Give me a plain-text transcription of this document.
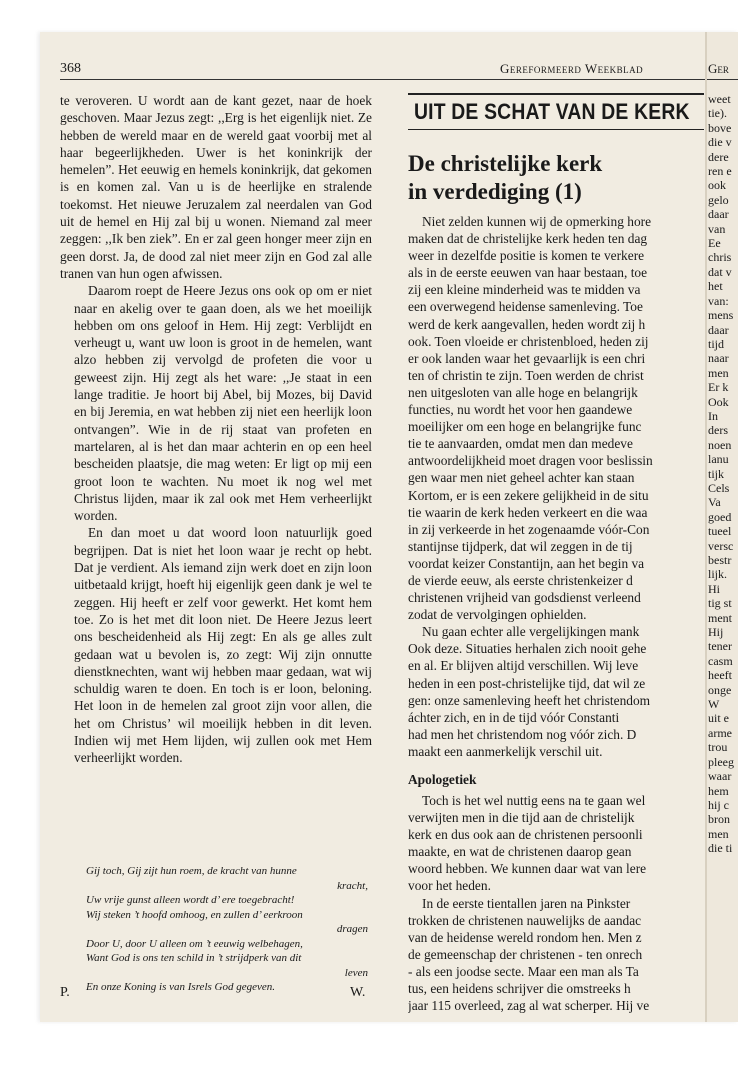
368	Gereformeerd Weekblad	Ger

te veroveren. U wordt aan de kant gezet, naar de hoek geschoven. Maar Jezus zegt: ,,Erg is het eigenlijk niet. Ze hebben de wereld maar en de wereld gaat voorbij met al haar begeerlijkheden. Uwer is het koninkrijk der hemelen”. Het eeuwig en hemels koninkrijk, dat gekomen is en komen zal. Van u is de heerlijke en stralende toekomst. Het nieuwe Jeruzalem zal neerdalen van God uit de hemel en Hij zal bij u wonen. Niemand zal meer zeggen: ,,Ik ben ziek”. En er zal geen honger meer zijn en geen dorst. Ja, de dood zal niet meer zijn en God zal alle tranen van hun ogen afwissen.

Daarom roept de Heere Jezus ons ook op om er niet naar en akelig over te gaan doen, als we het moeilijk hebben om ons geloof in Hem. Hij zegt: Verblijdt en verheugt u, want uw loon is groot in de hemelen, want alzo hebben zij vervolgd de profeten die voor u geweest zijn. Hij zegt als het ware: ,,Je staat in een lange traditie. Je hoort bij Abel, bij Mozes, bij David en bij Jeremia, en wat hebben zij niet een heerlijk loon ontvangen”. Wie in de rij staat van profeten en martelaren, al is het dan maar achterin en op een heel bescheiden plaatsje, die mag weten: Er ligt op mij een groot loon te wachten. Nu moet ik nog wel met Christus lijden, maar ik zal ook met Hem verheerlijkt worden.

En dan moet u dat woord loon natuurlijk goed begrijpen. Dat is niet het loon waar je recht op hebt. Dat je verdient. Als iemand zijn werk doet en zijn loon uitbetaald krijgt, hoeft hij eigenlijk geen dank je wel te zeggen. Hij heeft er zelf voor gewerkt. Het komt hem toe. Zo is het met dit loon niet. De Heere Jezus leert ons bescheidenheid als Hij zegt: En als ge alles zult gedaan wat u bevolen is, zo zegt: Wij zijn onnutte dienstknechten, want wij hebben maar gedaan, wat wij schuldig waren te doen. En toch is er loon, beloning. Het loon in de hemelen zal groot zijn voor allen, die het om Christus’ wil moeilijk hebben in dit leven. Indien wij met Hem lijden, wij zullen ook met Hem verheerlijkt worden.

Gij toch, Gij zijt hun roem, de kracht van hunne
kracht,
Uw vrije gunst alleen wordt d’ ere toegebracht!
Wij steken ’t hoofd omhoog, en zullen d’ eerkroon
dragen
Door U, door U alleen om ’t eeuwig welbehagen,
Want God is ons ten schild in ’t strijdperk van dit
leven
En onze Koning is van Isrels God gegeven.
P.	W.
UIT DE SCHAT VAN DE KERK
De christelijke kerk
in verdediging (1)
Niet zelden kunnen wij de opmerking hore
maken dat de christelijke kerk heden ten dag
weer in dezelfde positie is komen te verkere
als in de eerste eeuwen van haar bestaan, toe
zij een kleine minderheid was te midden va
een overwegend heidense samenleving. Toe
werd de kerk aangevallen, heden wordt zij h
ook. Toen vloeide er christenbloed, heden zij
er ook landen waar het gevaarlijk is een chri
ten of christin te zijn. Toen werden de christ
nen uitgesloten van alle hoge en belangrijk
functies, nu wordt het voor hen gaandewe
moeilijker om een hoge en belangrijke func
tie te aanvaarden, omdat men dan medeve
antwoordelijkheid moet dragen voor beslissin
gen waar men niet geheel achter kan staan
Kortom, er is een zekere gelijkheid in de situ
tie waarin de kerk heden verkeert en die waa
in zij verkeerde in het zogenaamde vóór-Con
stantijnse tijdperk, dat wil zeggen in de tij
voordat keizer Constantijn, aan het begin va
de vierde eeuw, als eerste christenkeizer d
christenen vrijheid van godsdienst verleend
zodat de vervolgingen ophielden.
Nu gaan echter alle vergelijkingen mank
Ook deze. Situaties herhalen zich nooit gehe
en al. Er blijven altijd verschillen. Wij leve
heden in een post-christelijke tijd, dat wil ze
gen: onze samenleving heeft het christendom
áchter zich, en in de tijd vóór Constanti
had men het christendom nog vóór zich. D
maakt een aanmerkelijk verschil uit.
Apologetiek
Toch is het wel nuttig eens na te gaan wel
verwijten men in die tijd aan de christelijk
kerk en dus ook aan de christenen persoonli
maakte, en wat de christenen daarop gean
woord hebben. We kunnen daar wat van lere
voor het heden.
In de eerste tientallen jaren na Pinkster
trokken de christenen nauwelijks de aandac
van de heidense wereld rondom hen. Men z
de gemeenschap der christenen - ten onrech
- als een joodse secte. Maar een man als Ta
tus, een heidens schrijver die omstreeks h
jaar 115 overleed, zag al wat scherper. Hij ve
weet
tie).
bove
die v
dere
ren e
ook
gelo
daar
van
Ee
chris
dat v
het
van:
mens
daar
tijd
naar
men
Er k
Ook
In
ders
noen
lanu
tijk
Cels
Va
goed
tueel
versc
bestr
lijk.
Hi
tig st
ment
Hij
tener
casm
heeft
onge
W
uit e
arme
trou
pleeg
waar
hem
hij c
bron
men
die ti
